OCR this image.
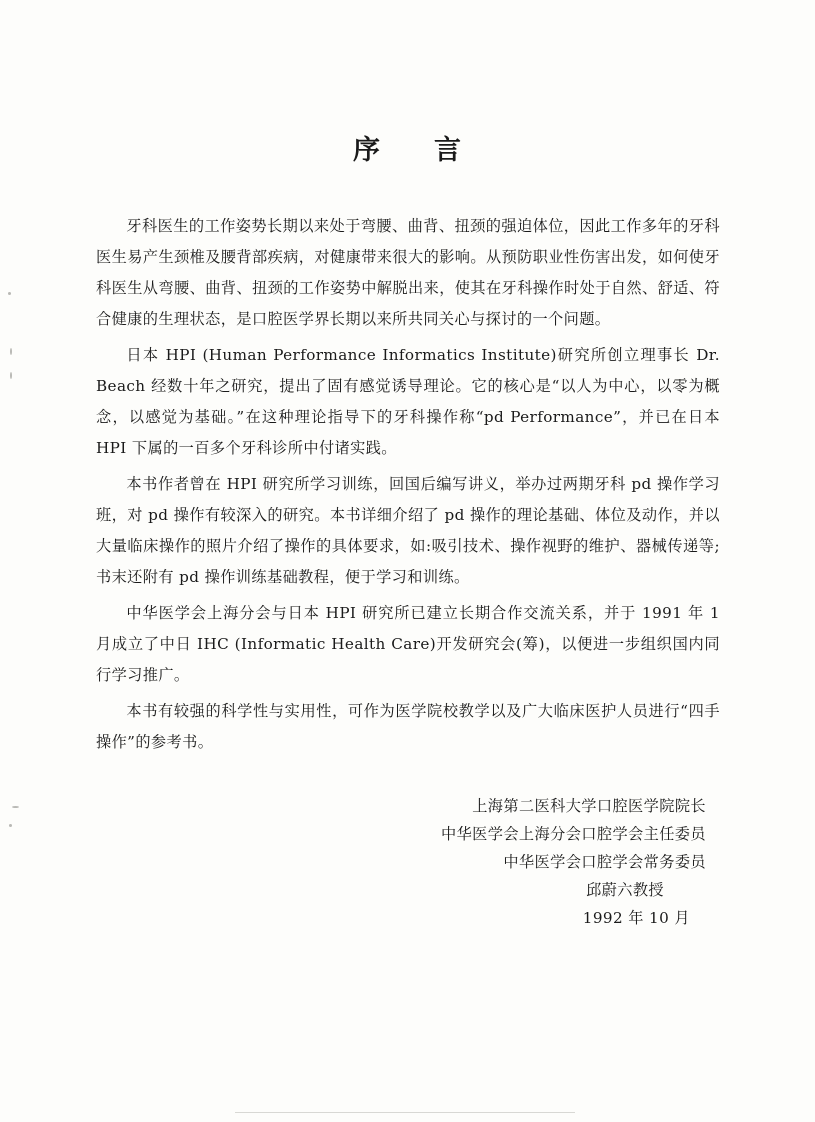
序 言

牙科医生的工作姿势长期以来处于弯腰、曲背、扭颈的强迫体位，因此工作多年的牙科医生易产生颈椎及腰背部疾病，对健康带来很大的影响。从预防职业性伤害出发，如何使牙科医生从弯腰、曲背、扭颈的工作姿势中解脱出来，使其在牙科操作时处于自然、舒适、符合健康的生理状态，是口腔医学界长期以来所共同关心与探讨的一个问题。

日本 HPI (Human Performance Informatics Institute)研究所创立理事长 Dr. Beach 经数十年之研究，提出了固有感觉诱导理论。它的核心是“以人为中心，以零为概念，以感觉为基础。”在这种理论指导下的牙科操作称“pd Performance”，并已在日本 HPI 下属的一百多个牙科诊所中付诸实践。

本书作者曾在 HPI 研究所学习训练，回国后编写讲义，举办过两期牙科 pd 操作学习班，对 pd 操作有较深入的研究。本书详细介绍了 pd 操作的理论基础、体位及动作，并以大量临床操作的照片介绍了操作的具体要求，如:吸引技术、操作视野的维护、器械传递等;书末还附有 pd 操作训练基础教程，便于学习和训练。

中华医学会上海分会与日本 HPI 研究所已建立长期合作交流关系，并于 1991 年 1 月成立了中日 IHC (Informatic Health Care)开发研究会(筹)，以便进一步组织国内同行学习推广。

本书有较强的科学性与实用性，可作为医学院校教学以及广大临床医护人员进行“四手操作”的参考书。

上海第二医科大学口腔医学院院长
中华医学会上海分会口腔学会主任委员
中华医学会口腔学会常务委员
邱蔚六教授
1992 年 10 月
